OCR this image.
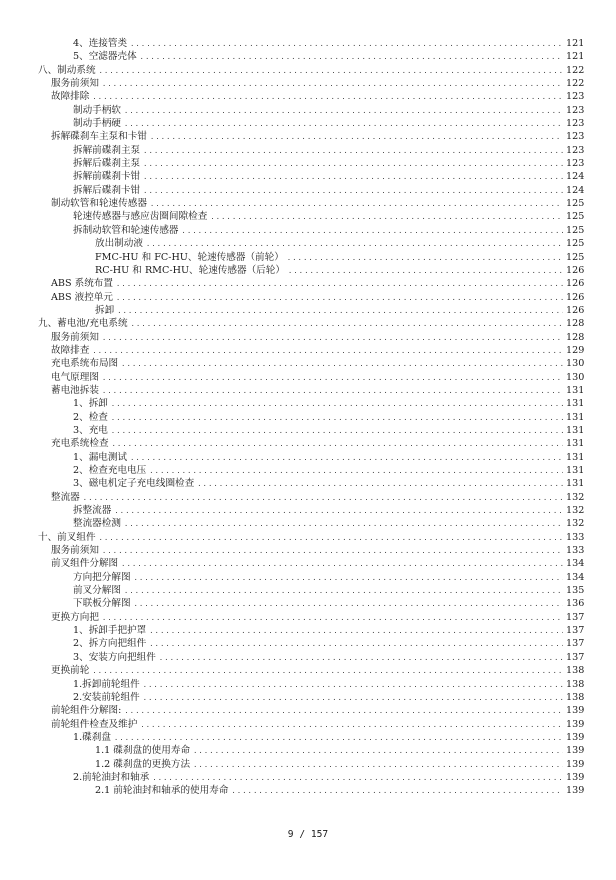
4、连接管类 .....	121
5、空滤器壳体 .....	121
八、制动系统 .....	122
服务前须知 .....	122
故障排除 .....	123
制动手柄软 .....	123
制动手柄硬 .....	123
拆解碟刹车主泵和卡钳 .....	123
拆解前碟刹主泵 .....	123
拆解后碟刹主泵 .....	123
拆解前碟刹卡钳 .....	124
拆解后碟刹卡钳 .....	124
制动软管和轮速传感器 .....	125
轮速传感器与感应齿圈间隙检查 .....	125
拆制动软管和轮速传感器 .....	125
放出制动液 .....	125
FMC-HU 和 FC-HU、轮速传感器（前轮） .....	125
RC-HU 和 RMC-HU、轮速传感器（后轮） .....	126
ABS 系统布置 .....	126
ABS 液控单元 .....	126
拆卸 .....	126
九、蓄电池/充电系统 .....	128
服务前须知 .....	128
故障排查 .....	129
充电系统布局图 .....	130
电气原理图 .....	130
蓄电池拆装 .....	131
1、拆卸 .....	131
2、检查 .....	131
3、充电 .....	131
充电系统检查 .....	131
1、漏电测试 .....	131
2、检查充电电压 .....	131
3、磁电机定子充电线圈检查 .....	131
整流器 .....	132
拆整流器 .....	132
整流器检测 .....	132
十、前叉组件 .....	133
服务前须知 .....	133
前叉组件分解图 .....	134
方向把分解图 .....	134
前叉分解图 .....	135
下联板分解图 .....	136
更换方向把 .....	137
1、拆卸手把护罩 .....	137
2、拆方向把组件 .....	137
3、安装方向把组件 .....	137
更换前轮 .....	138
1.拆卸前轮组件 .....	138
2.安装前轮组件 .....	138
前轮组件分解图: .....	139
前轮组件检查及维护 .....	139
1.碟刹盘 .....	139
1.1 碟刹盘的使用寿命 .....	139
1.2 碟刹盘的更换方法 .....	139
2.前轮油封和轴承 .....	139
2.1 前轮油封和轴承的使用寿命 .....	139
9 / 157
